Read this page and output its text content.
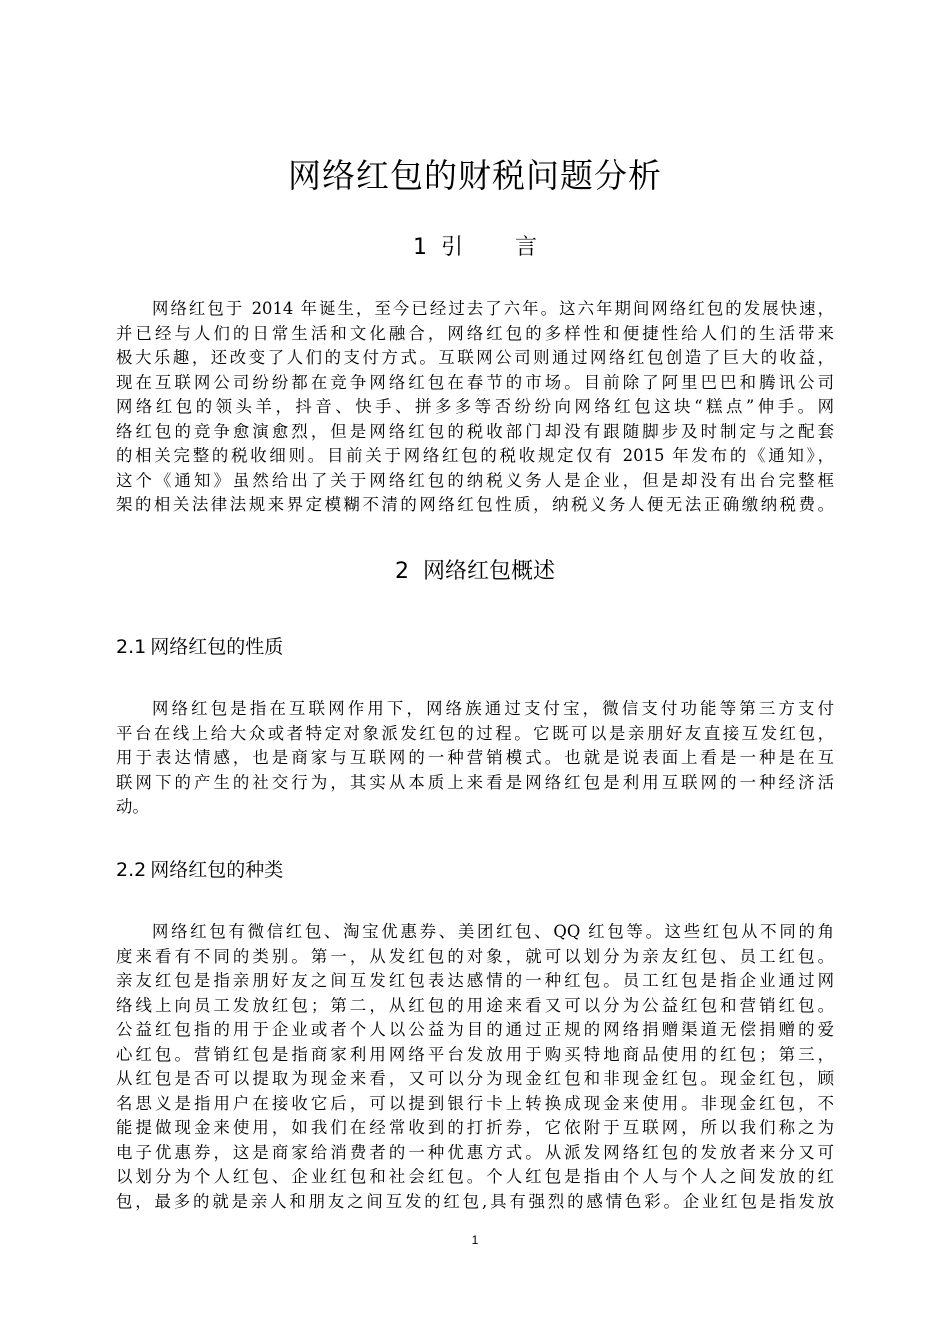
网络红包的财税问题分析
1 引 言

网络红包于 2014 年诞生，至今已经过去了六年。这六年期间网络红包的发展快速，
并已经与人们的日常生活和文化融合，网络红包的多样性和便捷性给人们的生活带来
极大乐趣，还改变了人们的支付方式。互联网公司则通过网络红包创造了巨大的收益，
现在互联网公司纷纷都在竞争网络红包在春节的市场。目前除了阿里巴巴和腾讯公司
网络红包的领头羊，抖音、快手、拼多多等否纷纷向网络红包这块“糕点”伸手。网
络红包的竞争愈演愈烈，但是网络红包的税收部门却没有跟随脚步及时制定与之配套
的相关完整的税收细则。目前关于网络红包的税收规定仅有 2015 年发布的《通知》，
这个《通知》虽然给出了关于网络红包的纳税义务人是企业，但是却没有出台完整框
架的相关法律法规来界定模糊不清的网络红包性质，纳税义务人便无法正确缴纳税费。

2 网络红包概述
2.1 网络红包的性质

网络红包是指在互联网作用下，网络族通过支付宝，微信支付功能等第三方支付
平台在线上给大众或者特定对象派发红包的过程。它既可以是亲朋好友直接互发红包，
用于表达情感，也是商家与互联网的一种营销模式。也就是说表面上看是一种是在互
联网下的产生的社交行为，其实从本质上来看是网络红包是利用互联网的一种经济活
动。

2.2 网络红包的种类

网络红包有微信红包、淘宝优惠券、美团红包、QQ 红包等。这些红包从不同的角
度来看有不同的类别。第一，从发红包的对象，就可以划分为亲友红包、员工红包。
亲友红包是指亲朋好友之间互发红包表达感情的一种红包。员工红包是指企业通过网
络线上向员工发放红包；第二，从红包的用途来看又可以分为公益红包和营销红包。
公益红包指的用于企业或者个人以公益为目的通过正规的网络捐赠渠道无偿捐赠的爱
心红包。营销红包是指商家利用网络平台发放用于购买特地商品使用的红包；第三，
从红包是否可以提取为现金来看，又可以分为现金红包和非现金红包。现金红包，顾
名思义是指用户在接收它后，可以提到银行卡上转换成现金来使用。非现金红包，不
能提做现金来使用，如我们在经常收到的打折券，它依附于互联网，所以我们称之为
电子优惠券，这是商家给消费者的一种优惠方式。从派发网络红包的发放者来分又可
以划分为个人红包、企业红包和社会红包。个人红包是指由个人与个人之间发放的红
包，最多的就是亲人和朋友之间互发的红包,具有强烈的感情色彩。企业红包是指发放

1
